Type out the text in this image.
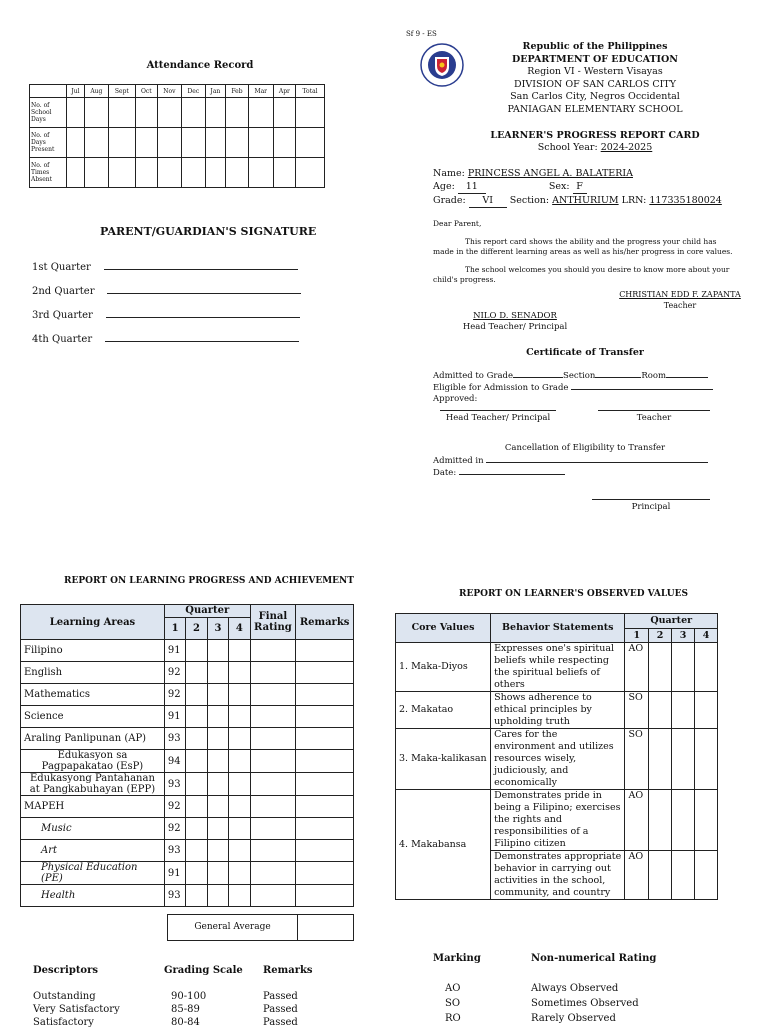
Attendance Record
	Jul	Aug	Sept	Oct	Nov	Dec	Jan	Feb	Mar	Apr	Total
No. of School Days											
No. of Days Present											
No. of Times Absent											
PARENT/GUARDIAN'S SIGNATURE
1st Quarter
2nd Quarter
3rd Quarter
4th Quarter
Sf 9 - ES
Republic of the Philippines
DEPARTMENT OF EDUCATION
Region VI - Western Visayas
DIVISION OF SAN CARLOS CITY
San Carlos City, Negros Occidental
PANIAGAN ELEMENTARY SCHOOL
LEARNER'S PROGRESS REPORT CARD
School Year: 2024-2025
Name: PRINCESS ANGEL A. BALATERIA
Age: 11	Sex: F
Grade: VI Section: ANTHURIUM LRN: 117335180024
Dear Parent,
This report card shows the ability and the progress your child has made in the different learning areas as well as his/her progress in core values.
The school welcomes you should you desire to know more about your child's progress.
CHRISTIAN EDD F. ZAPANTA
Teacher
NILO D. SENADOR
Head Teacher/ Principal
Certificate of Transfer
Admitted to Grade	Section	Room
Eligible for Admission to Grade
Approved:
Head Teacher/ Principal	Teacher
Cancellation of Eligibility to Transfer
Admitted in
Date:
Principal
REPORT ON LEARNING PROGRESS AND ACHIEVEMENT
Learning Areas	Quarter				Final Rating	Remarks
	1	2	3	4		
Filipino	91					
English	92					
Mathematics	92					
Science	91					
Araling Panlipunan (AP)	93					
Edukasyon sa Pagpapakatao (EsP)	94					
Edukasyong Pantahanan at Pangkabuhayan (EPP)	93					
MAPEH	92					
Music	92					
Art	93					
Physical Education (PE)	91					
Health	93					
General Average
Descriptors	Grading Scale Remarks
Outstanding	90-100	Passed
Very Satisfactory	85-89	Passed
Satisfactory	80-84	Passed
REPORT ON LEARNER'S OBSERVED VALUES
Core Values	Behavior Statements	Quarter			
		1	2	3	4
1. Maka-Diyos	Expresses one's spiritual beliefs while respecting the spiritual beliefs of others	AO			
2. Makatao	Shows adherence to ethical principles by upholding truth	SO			
3. Maka-kalikasan	Cares for the environment and utilizes resources wisely, judiciously, and economically	SO			
4. Makabansa	Demonstrates pride in being a Filipino; exercises the rights and responsibilities of a Filipino citizen	AO			
	Demonstrates appropriate behavior in carrying out activities in the school, community, and country	AO			
Marking	Non-numerical Rating
AO	Always Observed
SO	Sometimes Observed
RO	Rarely Observed
